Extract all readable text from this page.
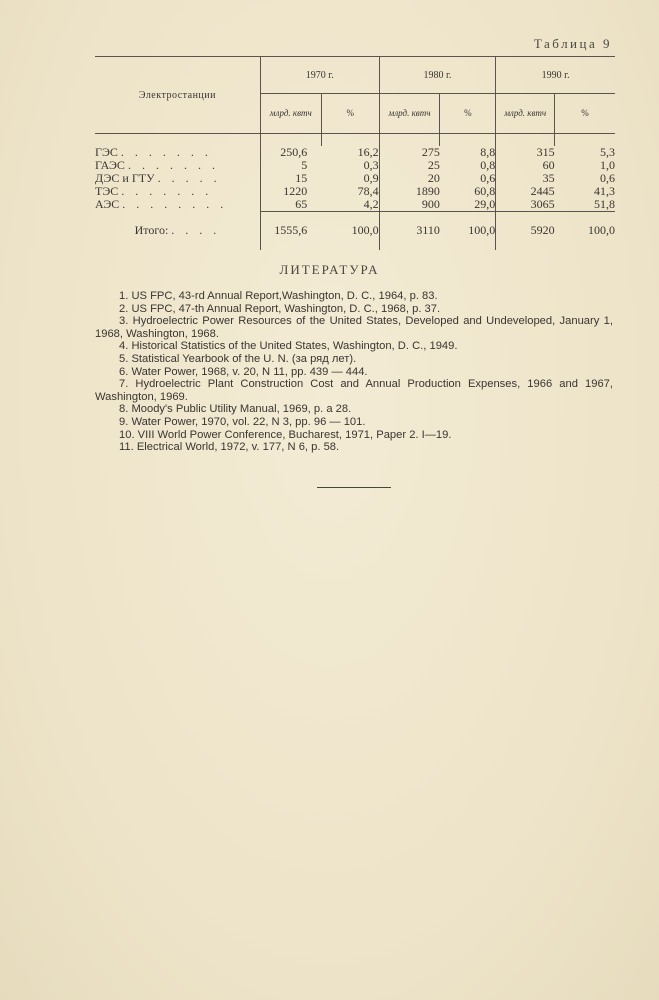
Таблица 9
Электростанции	1970 г.		1980 г.		1990 г.	
	млрд. квтч	%	млрд. квтч	%	млрд. квтч	%

ГЭС . . . . . . .	250,6	16,2	275	8,8	315	5,3
ГАЭС . . . . . . .	5	0,3	25	0,8	60	1,0
ДЭС и ГТУ . . . . .	15	0,9	20	0,6	35	0,6
ТЭС . . . . . . .	1220	78,4	1890	60,8	2445	41,3
АЭС . . . . . . . .	65	4,2	900	29,0	3065	51,8

Итого: . . . .	1555,6	100,0	3110	100,0	5920	100,0

ЛИТЕРАТУРА
1. US FPC, 43-rd Annual Report,Washington, D. C., 1964, p. 83.
2. US FPC, 47-th Annual Report, Washington, D. C., 1968, p. 37.
3. Hydroelectric Power Resources of the United States, Developed and Undeveloped, January 1, 1968, Washington, 1968.
4. Historical Statistics of the United States, Washington, D. C., 1949.
5. Statistical Yearbook of the U. N. (за ряд лет).
6. Water Power, 1968, v. 20, N 11, pp. 439 — 444.
7. Hydroelectric Plant Construction Cost and Annual Production Expenses, 1966 and 1967, Washington, 1969.
8. Moody's Public Utility Manual, 1969, p. a 28.
9. Water Power, 1970, vol. 22, N 3, pp. 96 — 101.
10. VIII World Power Conference, Bucharest, 1971, Paper 2. I—19.
11. Electrical World, 1972, v. 177, N 6, p. 58.
